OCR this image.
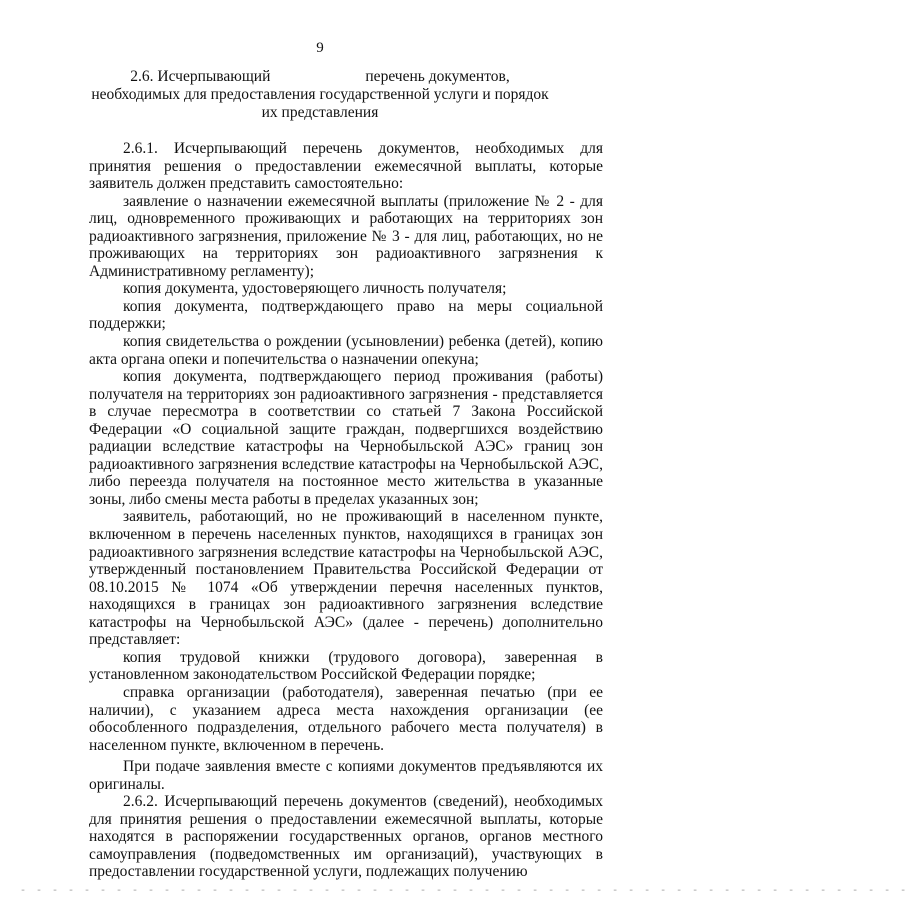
9
2.6. Исчерпывающий	перечень документов,
необходимых для предоставления государственной услуги и порядок
их представления

2.6.1. Исчерпывающий перечень документов, необходимых для принятия решения о предоставлении ежемесячной выплаты, которые заявитель должен представить самостоятельно:

заявление о назначении ежемесячной выплаты (приложение № 2 - для лиц, одновременного проживающих и работающих на территориях зон радиоактивного загрязнения, приложение № 3 - для лиц, работающих, но не проживающих на территориях зон радиоактивного загрязнения к Административному регламенту);

копия документа, удостоверяющего личность получателя;

копия документа, подтверждающего право на меры социальной поддержки;

копия свидетельства о рождении (усыновлении) ребенка (детей), копию акта органа опеки и попечительства о назначении опекуна;

копия документа, подтверждающего период проживания (работы) получателя на территориях зон радиоактивного загрязнения - представляется в случае пересмотра в соответствии со статьей 7 Закона Российской Федерации «О социальной защите граждан, подвергшихся воздействию радиации вследствие катастрофы на Чернобыльской АЭС» границ зон радиоактивного загрязнения вследствие катастрофы на Чернобыльской АЭС, либо переезда получателя на постоянное место жительства в указанные зоны, либо смены места работы в пределах указанных зон;

заявитель, работающий, но не проживающий в населенном пункте, включенном в перечень населенных пунктов, находящихся в границах зон радиоактивного загрязнения вследствие катастрофы на Чернобыльской АЭС, утвержденный постановлением Правительства Российской Федерации от 08.10.2015 № 1074 «Об утверждении перечня населенных пунктов, находящихся в границах зон радиоактивного загрязнения вследствие катастрофы на Чернобыльской АЭС» (далее - перечень) дополнительно представляет:

копия трудовой книжки (трудового договора), заверенная в установленном законодательством Российской Федерации порядке;

справка организации (работодателя), заверенная печатью (при ее наличии), с указанием адреса места нахождения организации (ее обособленного подразделения, отдельного рабочего места получателя) в населенном пункте, включенном в перечень.

При подаче заявления вместе с копиями документов предъявляются их оригиналы.

2.6.2. Исчерпывающий перечень документов (сведений), необходимых для принятия решения о предоставлении ежемесячной выплаты, которые находятся в распоряжении государственных органов, органов местного самоуправления (подведомственных им организаций), участвующих в предоставлении государственной услуги, подлежащих получению

- - - - - - - - - - - - - - - - - - - - - - - - - - - - - - - - - - - - - - - - - - - - - - - - - - - - - - - -
